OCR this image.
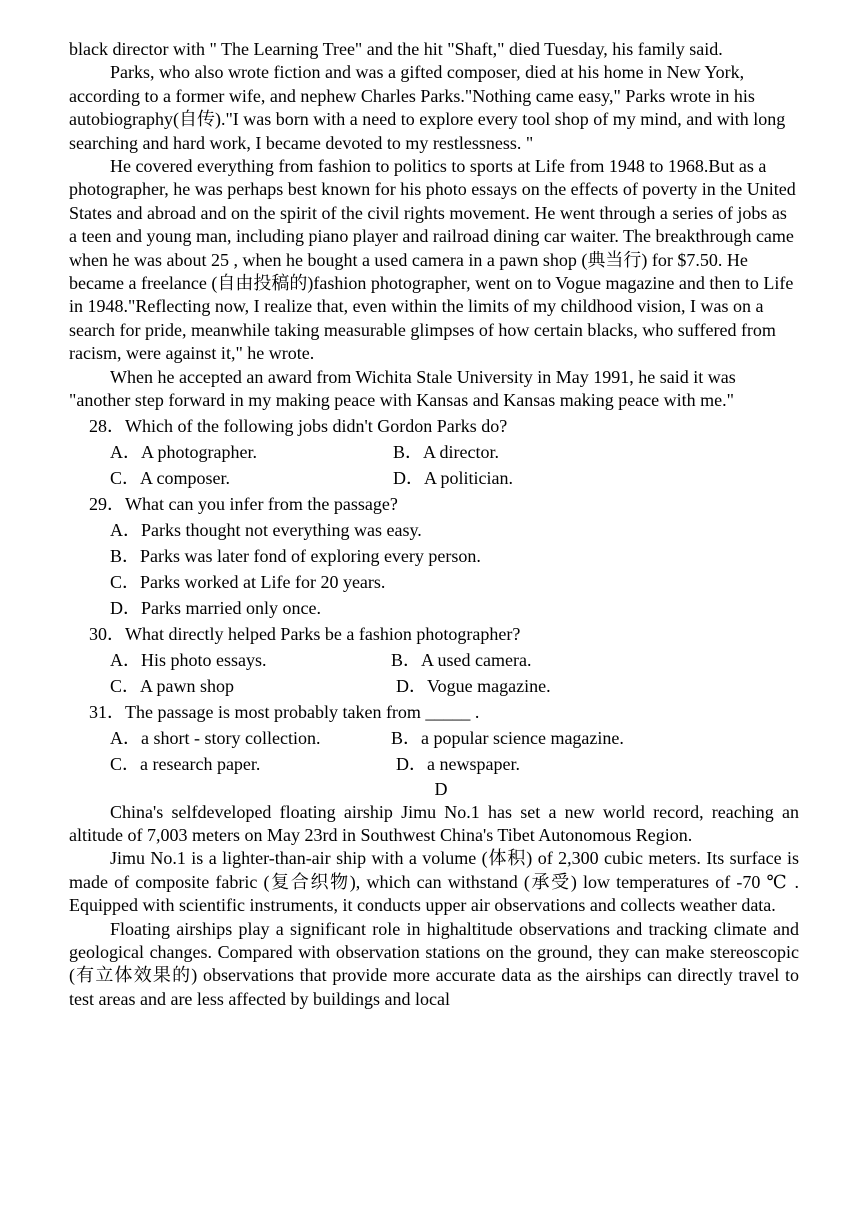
black director with " The Learning Tree" and the hit "Shaft," died Tuesday, his family said.

Parks, who also wrote fiction and was a gifted composer, died at his home in New York, according to a former wife, and nephew Charles Parks."Nothing came easy," Parks wrote in his autobiography(自传)."I was born with a need to explore every tool shop of my mind, and with long searching and hard work, I became devoted to my restlessness. "

He covered everything from fashion to politics to sports at Life from 1948 to 1968.But as a photographer, he was perhaps best known for his photo essays on the effects of poverty in the United States and abroad and on the spirit of the civil rights movement. He went through a series of jobs as a teen and young man, including piano player and railroad dining car waiter. The breakthrough came when he was about 25 , when he bought a used camera in a pawn shop (典当行) for $7.50. He became a freelance (自由投稿的)fashion photographer, went on to Vogue magazine and then to Life in 1948."Reflecting now, I realize that, even within the limits of my childhood vision, I was on a search for pride, meanwhile taking measurable glimpses of how certain blacks, who suffered from racism, were against it," he wrote.

When he accepted an award from Wichita Stale University in May 1991, he said it was "another step forward in my making peace with Kansas and Kansas making peace with me."

28．Which of the following jobs didn't Gordon Parks do?

A．A photographer.	B．A director.
C．A composer.	D．A politician.

29．What can you infer from the passage?

A．Parks thought not everything was easy.

B．Parks was later fond of exploring every person.

C．Parks worked at Life for 20 years.

D．Parks married only once.

30．What directly helped Parks be a fashion photographer?

A．His photo essays.	B．A used camera.
C．A pawn shop	D．Vogue magazine.

31．The passage is most probably taken from _____ .

A．a short - story collection.	B．a popular science magazine.
C．a research paper.	D．a newspaper.

D

China's selfdeveloped floating airship Jimu No.1 has set a new world record, reaching an altitude of 7,003 meters on May 23rd in Southwest China's Tibet Autonomous Region.

Jimu No.1 is a lighter-than-air ship with a volume (体积) of 2,300 cubic meters. Its surface is made of composite fabric (复合织物), which can withstand (承受) low temperatures of -70 ℃ . Equipped with scientific instruments, it conducts upper air observations and collects weather data.

Floating airships play a significant role in highaltitude observations and tracking climate and geological changes. Compared with observation stations on the ground, they can make stereoscopic (有立体效果的) observations that provide more accurate data as the airships can directly travel to test areas and are less affected by buildings and local
